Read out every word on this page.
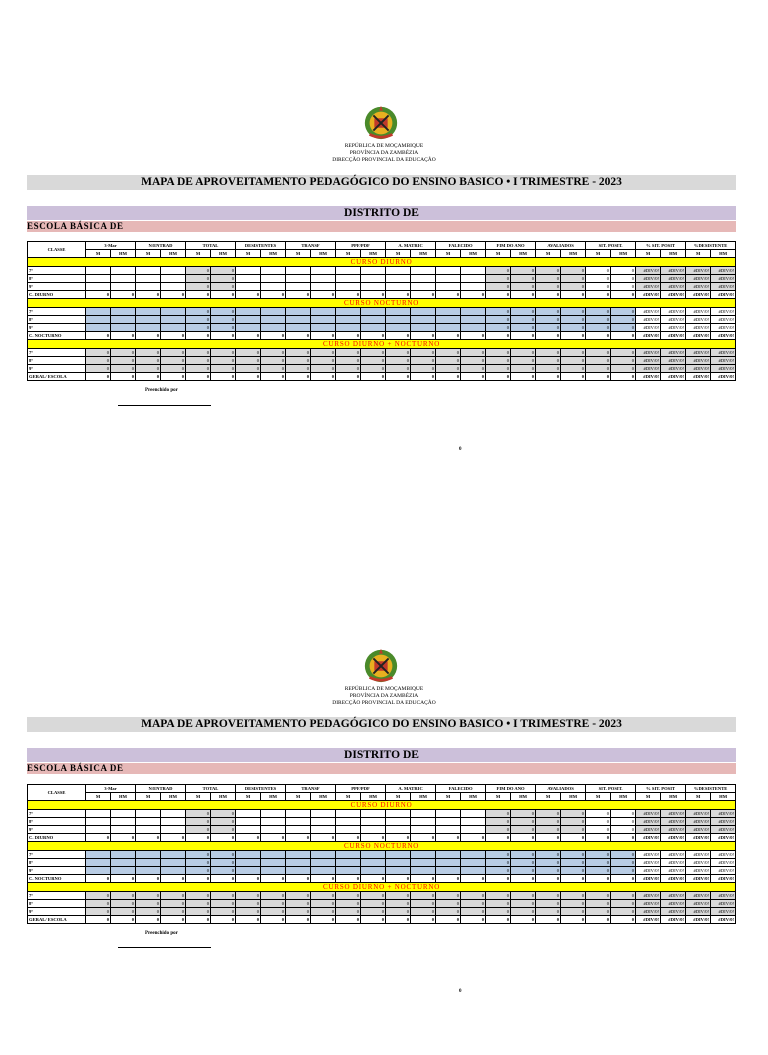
REPÚBLICA DE MOÇAMBIQUE
PROVÍNCIA DA ZAMBÉZIA
DIRECÇÃO PROVINCIAL DA EDUCAÇÃO
MAPA DE APROVEITAMENTO PEDAGÓGICO DO ENSINO BASICO • I TRIMESTRE - 2023
DISTRITO DE
ESCOLA BÁSICA DE
CLASSE	3-Mar		N/ENTRAD		TOTAL		DESISTENTES		TRANSF		PPF/PDF		A. MATRIC		FALECIDO		FIM DO ANO		AVALIADOS		SIT. POSIT.		% SIT. POSIT		%DESISTENTE	
	M	HM	M	HM	M	HM	M	HM	M	HM	M	HM	M	HM	M	HM	M	HM	M	HM	M	HM	M	HM	M	HM
CURSO DIURNO																										
7ª					0	0											0	0	0	0	0	0	#DIV/0!	#DIV/0!	#DIV/0!	#DIV/0!
8ª					0	0											0	0	0	0	0	0	#DIV/0!	#DIV/0!	#DIV/0!	#DIV/0!
9ª					0	0											0	0	0	0	0	0	#DIV/0!	#DIV/0!	#DIV/0!	#DIV/0!
C. DIURNO	0	0	0	0	0	0	0	0	0	0	0	0	0	0	0	0	0	0	0	0	0	0	#DIV/0!	#DIV/0!	#DIV/0!	#DIV/0!
CURSO NOCTURNO																										
7ª					0	0											0	0	0	0	0	0	#DIV/0!	#DIV/0!	#DIV/0!	#DIV/0!
8ª					0	0											0	0	0	0	0	0	#DIV/0!	#DIV/0!	#DIV/0!	#DIV/0!
9ª					0	0											0	0	0	0	0	0	#DIV/0!	#DIV/0!	#DIV/0!	#DIV/0!
C. NOCTURNO	0	0	0	0	0	0	0	0	0	0	0	0	0	0	0	0	0	0	0	0	0	0	#DIV/0!	#DIV/0!	#DIV/0!	#DIV/0!
CURSO DIURNO + NOCTURNO																										
7ª	0	0	0	0	0	0	0	0	0	0	0	0	0	0	0	0	0	0	0	0	0	0	#DIV/0!	#DIV/0!	#DIV/0!	#DIV/0!
8ª	0	0	0	0	0	0	0	0	0	0	0	0	0	0	0	0	0	0	0	0	0	0	#DIV/0!	#DIV/0!	#DIV/0!	#DIV/0!
9ª	0	0	0	0	0	0	0	0	0	0	0	0	0	0	0	0	0	0	0	0	0	0	#DIV/0!	#DIV/0!	#DIV/0!	#DIV/0!
GERAL/ ESCOLA	0	0	0	0	0	0	0	0	0	0	0	0	0	0	0	0	0	0	0	0	0	0	#DIV/0!	#DIV/0!	#DIV/0!	#DIV/0!
Preenchido por
0
REPÚBLICA DE MOÇAMBIQUE
PROVÍNCIA DA ZAMBÉZIA
DIRECÇÃO PROVINCIAL DA EDUCAÇÃO
MAPA DE APROVEITAMENTO PEDAGÓGICO DO ENSINO BASICO • I TRIMESTRE - 2023
DISTRITO DE
ESCOLA BÁSICA DE
CLASSE	3-Mar		N/ENTRAD		TOTAL		DESISTENTES		TRANSF		PPF/PDF		A. MATRIC		FALECIDO		FIM DO ANO		AVALIADOS		SIT. POSIT.		% SIT. POSIT		%DESISTENTE	
	M	HM	M	HM	M	HM	M	HM	M	HM	M	HM	M	HM	M	HM	M	HM	M	HM	M	HM	M	HM	M	HM
CURSO DIURNO																										
7ª					0	0											0	0	0	0	0	0	#DIV/0!	#DIV/0!	#DIV/0!	#DIV/0!
8ª					0	0											0	0	0	0	0	0	#DIV/0!	#DIV/0!	#DIV/0!	#DIV/0!
9ª					0	0											0	0	0	0	0	0	#DIV/0!	#DIV/0!	#DIV/0!	#DIV/0!
C. DIURNO	0	0	0	0	0	0	0	0	0	0	0	0	0	0	0	0	0	0	0	0	0	0	#DIV/0!	#DIV/0!	#DIV/0!	#DIV/0!
CURSO NOCTURNO																										
7ª					0	0											0	0	0	0	0	0	#DIV/0!	#DIV/0!	#DIV/0!	#DIV/0!
8ª					0	0											0	0	0	0	0	0	#DIV/0!	#DIV/0!	#DIV/0!	#DIV/0!
9ª					0	0											0	0	0	0	0	0	#DIV/0!	#DIV/0!	#DIV/0!	#DIV/0!
C. NOCTURNO	0	0	0	0	0	0	0	0	0	0	0	0	0	0	0	0	0	0	0	0	0	0	#DIV/0!	#DIV/0!	#DIV/0!	#DIV/0!
CURSO DIURNO + NOCTURNO																										
7ª	0	0	0	0	0	0	0	0	0	0	0	0	0	0	0	0	0	0	0	0	0	0	#DIV/0!	#DIV/0!	#DIV/0!	#DIV/0!
8ª	0	0	0	0	0	0	0	0	0	0	0	0	0	0	0	0	0	0	0	0	0	0	#DIV/0!	#DIV/0!	#DIV/0!	#DIV/0!
9ª	0	0	0	0	0	0	0	0	0	0	0	0	0	0	0	0	0	0	0	0	0	0	#DIV/0!	#DIV/0!	#DIV/0!	#DIV/0!
GERAL/ ESCOLA	0	0	0	0	0	0	0	0	0	0	0	0	0	0	0	0	0	0	0	0	0	0	#DIV/0!	#DIV/0!	#DIV/0!	#DIV/0!
Preenchido por
0
